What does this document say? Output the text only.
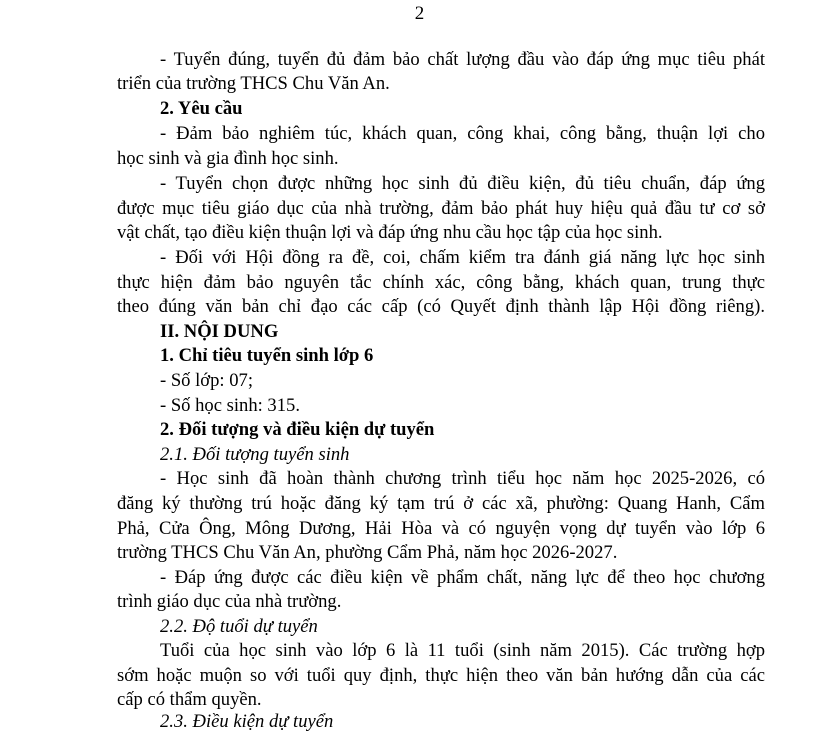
2
- Tuyển đúng, tuyển đủ đảm bảo chất lượng đầu vào đáp ứng mục tiêu phát
triển của trường THCS Chu Văn An.
2. Yêu cầu
- Đảm bảo nghiêm túc, khách quan, công khai, công bằng, thuận lợi cho
học sinh và gia đình học sinh.
- Tuyển chọn được những học sinh đủ điều kiện, đủ tiêu chuẩn, đáp ứng
được mục tiêu giáo dục của nhà trường, đảm bảo phát huy hiệu quả đầu tư cơ sở
vật chất, tạo điều kiện thuận lợi và đáp ứng nhu cầu học tập của học sinh.
- Đối với Hội đồng ra đề, coi, chấm kiểm tra đánh giá năng lực học sinh
thực hiện đảm bảo nguyên tắc chính xác, công bằng, khách quan, trung thực
theo đúng văn bản chỉ đạo các cấp (có Quyết định thành lập Hội đồng riêng).
II. NỘI DUNG
1. Chỉ tiêu tuyển sinh lớp 6
- Số lớp: 07;
- Số học sinh: 315.
2. Đối tượng và điều kiện dự tuyển
2.1. Đối tượng tuyển sinh
- Học sinh đã hoàn thành chương trình tiểu học năm học 2025-2026, có
đăng ký thường trú hoặc đăng ký tạm trú ở các xã, phường: Quang Hanh, Cẩm
Phả, Cửa Ông, Mông Dương, Hải Hòa và có nguyện vọng dự tuyển vào lớp 6
trường THCS Chu Văn An, phường Cẩm Phả, năm học 2026-2027.
- Đáp ứng được các điều kiện về phẩm chất, năng lực để theo học chương
trình giáo dục của nhà trường.
2.2. Độ tuổi dự tuyển
Tuổi của học sinh vào lớp 6 là 11 tuổi (sinh năm 2015). Các trường hợp
sớm hoặc muộn so với tuổi quy định, thực hiện theo văn bản hướng dẫn của các
cấp có thẩm quyền.
2.3. Điều kiện dự tuyển
